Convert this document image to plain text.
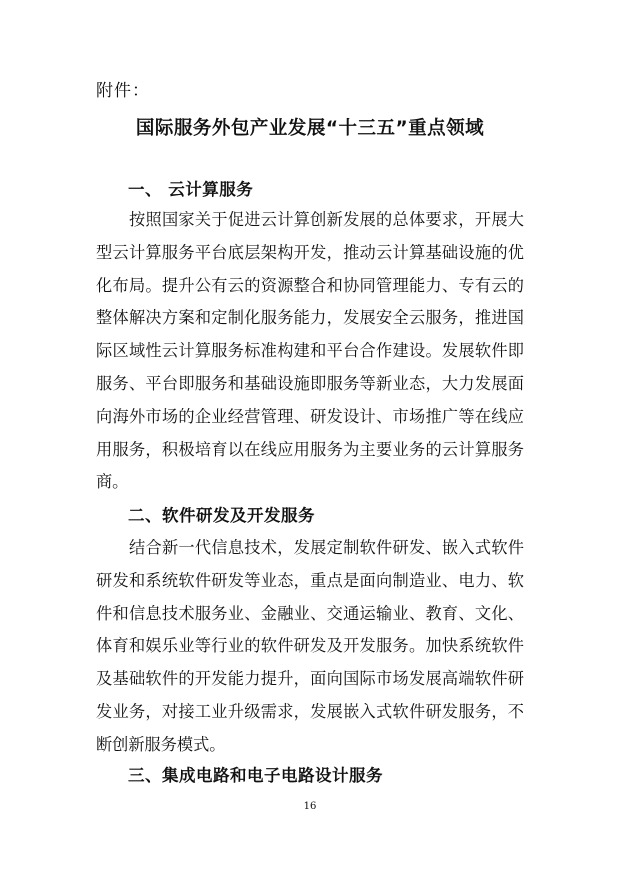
附件：
国际服务外包产业发展“十三五”重点领域
一、 云计算服务
按照国家关于促进云计算创新发展的总体要求，开展大
型云计算服务平台底层架构开发，推动云计算基础设施的优
化布局。提升公有云的资源整合和协同管理能力、专有云的
整体解决方案和定制化服务能力，发展安全云服务，推进国
际区域性云计算服务标准构建和平台合作建设。发展软件即
服务、平台即服务和基础设施即服务等新业态，大力发展面
向海外市场的企业经营管理、研发设计、市场推广等在线应
用服务，积极培育以在线应用服务为主要业务的云计算服务
商。
二、软件研发及开发服务
结合新一代信息技术，发展定制软件研发、嵌入式软件
研发和系统软件研发等业态，重点是面向制造业、电力、软
件和信息技术服务业、金融业、交通运输业、教育、文化、
体育和娱乐业等行业的软件研发及开发服务。加快系统软件
及基础软件的开发能力提升，面向国际市场发展高端软件研
发业务，对接工业升级需求，发展嵌入式软件研发服务，不
断创新服务模式。
三、集成电路和电子电路设计服务
16
